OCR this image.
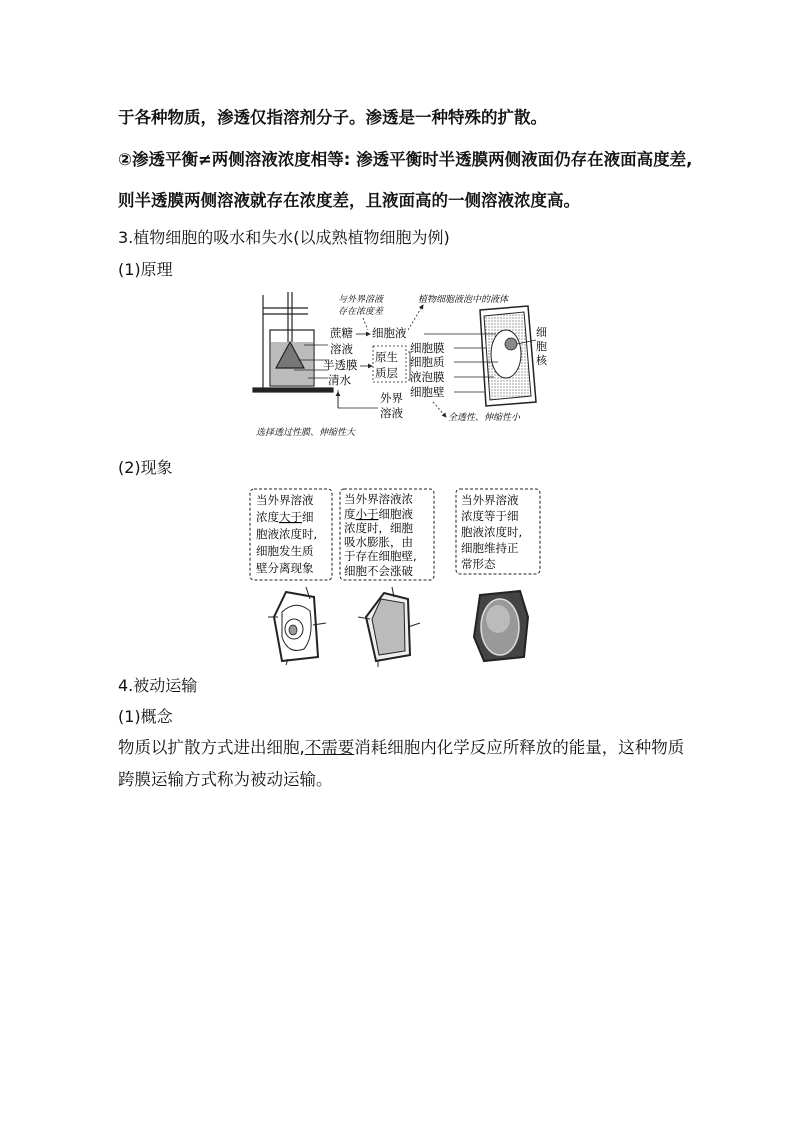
于各种物质，渗透仅指溶剂分子。渗透是一种特殊的扩散。
②渗透平衡≠两侧溶液浓度相等: 渗透平衡时半透膜两侧液面仍存在液面高度差,
则半透膜两侧溶液就存在浓度差，且液面高的一侧溶液浓度高。
3.植物细胞的吸水和失水(以成熟植物细胞为例)
(1)原理
与外界溶液
存在浓度差
植物细胞液泡中的液体
蔗糖
溶液
半透膜
清水
细胞液
原生
质层
细胞膜
细胞质
液泡膜
细胞壁
外界
溶液
细
胞
核
选择透过性膜、伸缩性大
全透性、伸缩性小
(2)现象
当外界溶液
浓度大于细
胞液浓度时,
细胞发生质
壁分离现象
当外界溶液浓
度小于细胞液
浓度时，细胞
吸水膨胀，由
于存在细胞壁,
细胞不会涨破
当外界溶液
浓度等于细
胞液浓度时,
细胞维持正
常形态
4.被动运输
(1)概念
物质以扩散方式进出细胞,不需要消耗细胞内化学反应所释放的能量，这种物质
跨膜运输方式称为被动运输。
